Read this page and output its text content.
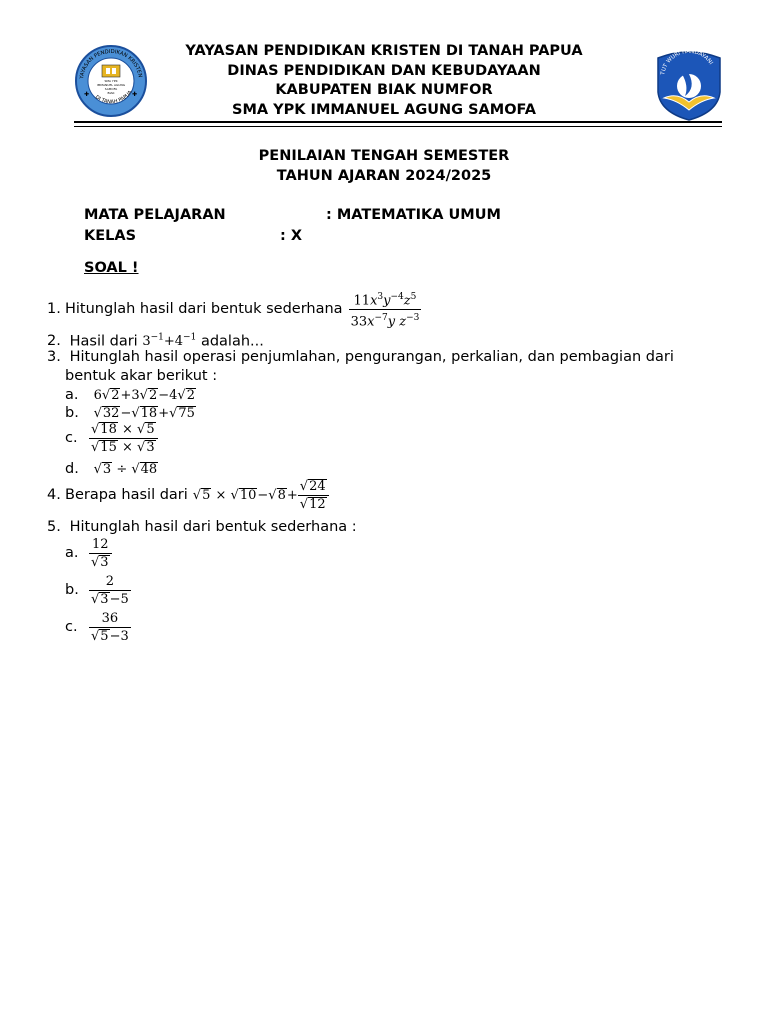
YAYASAN PENDIDIKAN KRISTEN
DI TANAH PAPUA
SMA YPK
IMMANUEL AGUNG
SAMOFA
BIAK
✚	✚
TUT WURI HANDAYANI
YAYASAN PENDIDIKAN KRISTEN DI TANAH PAPUA
DINAS PENDIDIKAN DAN KEBUDAYAAN
KABUPATEN BIAK NUMFOR
SMA YPK IMMANUEL AGUNG SAMOFA
PENILAIAN TENGAH SEMESTER
TAHUN AJARAN 2024/2025
MATA PELAJARAN	: MATEMATIKA UMUM
KELAS	: X
SOAL !
1. Hitunglah hasil dari bentuk sederhana $\frac{11x^3y^{-4}z^5}{33x^{-7}y z^{-3}}$
2. Hasil dari $3^{-1}+4^{-1}$ adalah...
3. Hitunglah hasil operasi penjumlahan, pengurangan, perkalian, dan pembagian dari
bentuk akar berikut :
a. 6 √ 2 +3 √ 2 −4 √ 2
b. √ 32 − √ 18 + √ 75
c. $\frac{√ 18 \times √ 5}{√ 15 \times √ 3}$
d. √ 3 ÷ √ 48
4. Berapa hasil dari √ 5 × √ 10 − √ $8 + \frac{√ 24}{√ 12}$
5. Hitunglah hasil dari bentuk sederhana :
a. $\frac{12}{√ 3}$
b. $\frac{2}{√ 3 -5}$
c. $\frac{36}{√ 5 -3}$
